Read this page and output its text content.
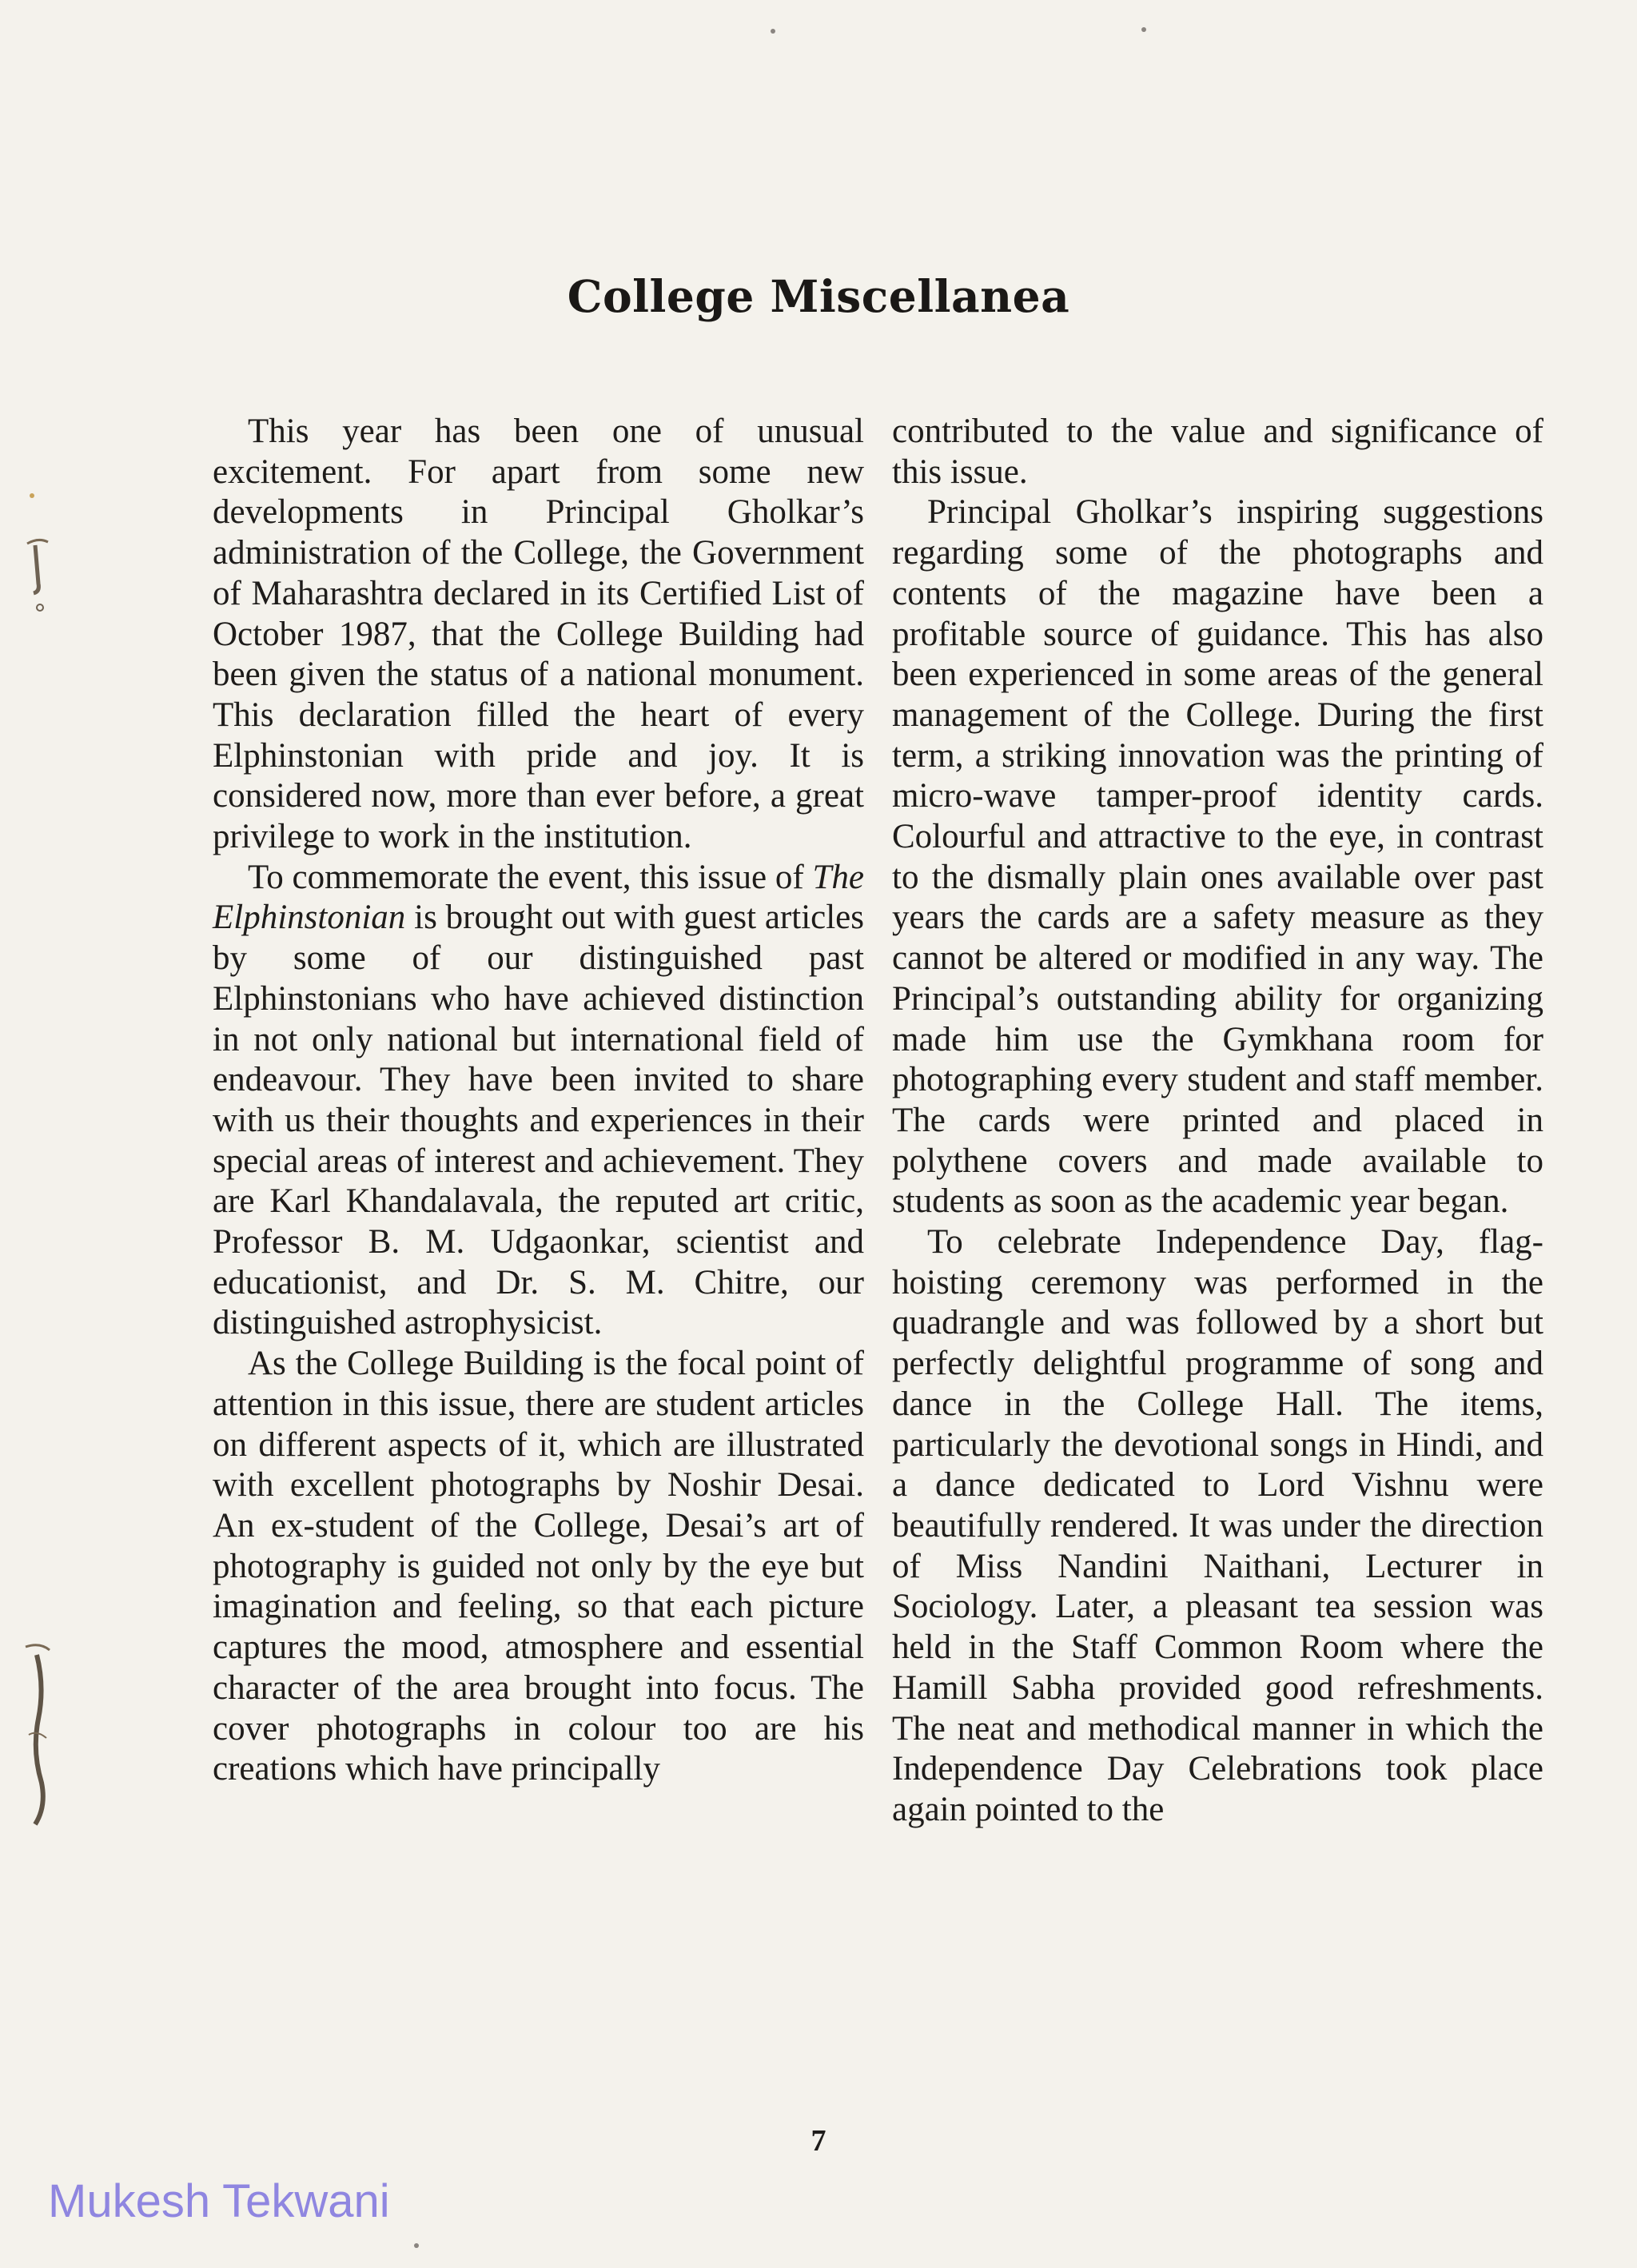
College Miscellanea

This year has been one of unusual excitement. For apart from some new developments in Principal Gholkar’s administration of the College, the Government of Maharashtra declared in its Certified List of October 1987, that the College Building had been given the status of a national monument. This declaration filled the heart of every Elphinstonian with pride and joy. It is considered now, more than ever before, a great privilege to work in the institution.

To commemorate the event, this issue of The Elphinstonian is brought out with guest articles by some of our distinguished past Elphinstonians who have achieved distinction in not only national but international field of endeavour. They have been invited to share with us their thoughts and experiences in their special areas of interest and achievement. They are Karl Khandalavala, the reputed art critic, Professor B. M. Udgaonkar, scientist and educationist, and Dr. S. M. Chitre, our distinguished astrophysicist.

As the College Building is the focal point of attention in this issue, there are student articles on different aspects of it, which are illustrated with excellent photographs by Noshir Desai. An ex-student of the College, Desai’s art of photography is guided not only by the eye but imagination and feeling, so that each picture captures the mood, atmosphere and essential character of the area brought into focus. The cover photographs in colour too are his creations which have principally

contributed to the value and significance of this issue.

Principal Gholkar’s inspiring suggestions regarding some of the photographs and contents of the magazine have been a profitable source of guidance. This has also been experienced in some areas of the general management of the College. During the first term, a striking innovation was the printing of micro-wave tamper-proof identity cards. Colourful and attractive to the eye, in contrast to the dismally plain ones available over past years the cards are a safety measure as they cannot be altered or modified in any way. The Principal’s outstanding ability for organizing made him use the Gymkhana room for photographing every student and staff member. The cards were printed and placed in polythene covers and made available to students as soon as the academic year began.

To celebrate Independence Day, flag-hoisting ceremony was performed in the quadrangle and was followed by a short but perfectly delightful programme of song and dance in the College Hall. The items, particularly the devotional songs in Hindi, and a dance dedicated to Lord Vishnu were beautifully rendered. It was under the direction of Miss Nandini Naithani, Lecturer in Sociology. Later, a pleasant tea session was held in the Staff Common Room where the Hamill Sabha provided good refreshments. The neat and methodical manner in which the Independence Day Celebrations took place again pointed to the

7
Mukesh Tekwani
